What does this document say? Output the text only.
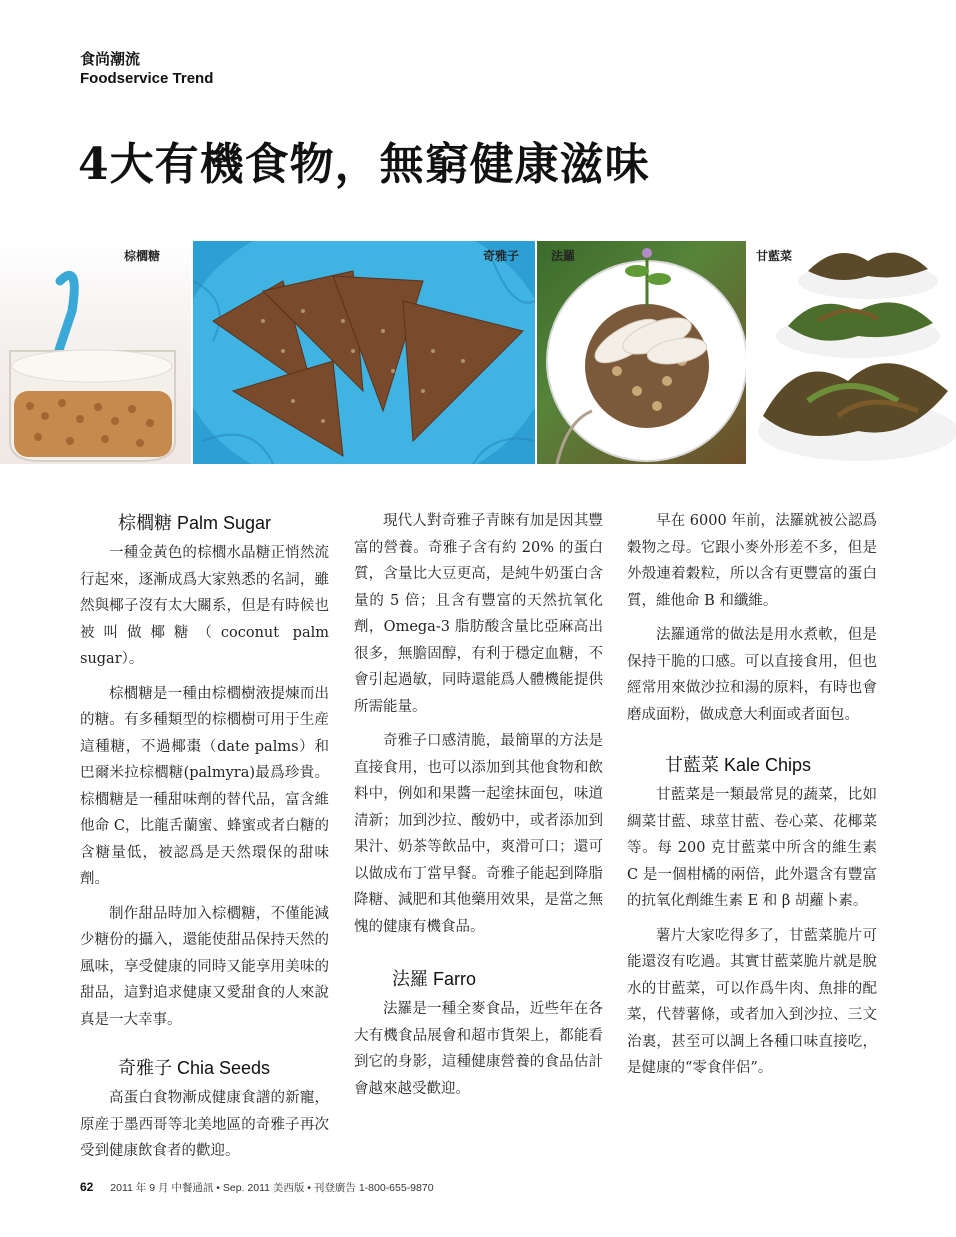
食尚潮流
Foodservice Trend
4大有機食物，無窮健康滋味
棕櫚糖	奇雅子	法羅	甘藍菜
棕櫚糖 Palm Sugar

一種金黃色的棕櫚水晶糖正悄然流行起來，逐漸成爲大家熟悉的名詞，雖然與椰子沒有太大關系，但是有時候也被叫做椰糖（coconut palm sugar）。

棕櫚糖是一種由棕櫚樹液提煉而出的糖。有多種類型的棕櫚樹可用于生産這種糖，不過椰棗（date palms）和巴爾米拉棕櫚糖(palmyra)最爲珍貴。棕櫚糖是一種甜味劑的替代品，富含維他命 C，比龍舌蘭蜜、蜂蜜或者白糖的含糖量低，被認爲是天然環保的甜味劑。

制作甜品時加入棕櫚糖，不僅能減少糖份的攝入，還能使甜品保持天然的風味，享受健康的同時又能享用美味的甜品，這對追求健康又愛甜食的人來說真是一大幸事。

奇雅子 Chia Seeds

高蛋白食物漸成健康食譜的新寵，原産于墨西哥等北美地區的奇雅子再次受到健康飲食者的歡迎。

現代人對奇雅子青睞有加是因其豐富的營養。奇雅子含有約 20% 的蛋白質，含量比大豆更高，是純牛奶蛋白含量的 5 倍；且含有豐富的天然抗氧化劑，Omega-3 脂肪酸含量比亞麻高出很多，無膽固醇，有利于穩定血糖，不會引起過敏，同時還能爲人體機能提供所需能量。

奇雅子口感清脆，最簡單的方法是直接食用，也可以添加到其他食物和飲料中，例如和果醬一起塗抹面包，味道清新；加到沙拉、酸奶中，或者添加到果汁、奶茶等飲品中，爽滑可口；還可以做成布丁當早餐。奇雅子能起到降脂降糖、減肥和其他藥用效果，是當之無愧的健康有機食品。

法羅 Farro

法羅是一種全麥食品，近些年在各大有機食品展會和超市貨架上，都能看到它的身影，這種健康營養的食品估計會越來越受歡迎。

早在 6000 年前，法羅就被公認爲穀物之母。它跟小麥外形差不多，但是外殼連着穀粒，所以含有更豐富的蛋白質，維他命 B 和纖維。

法羅通常的做法是用水煮軟，但是保持干脆的口感。可以直接食用，但也經常用來做沙拉和湯的原料，有時也會磨成面粉，做成意大利面或者面包。

甘藍菜 Kale Chips

甘藍菜是一類最常見的蔬菜，比如綢菜甘藍、球莖甘藍、卷心菜、花椰菜等。每 200 克甘藍菜中所含的維生素 C 是一個柑橘的兩倍，此外還含有豐富的抗氧化劑維生素 E 和 β 胡蘿卜素。

薯片大家吃得多了，甘藍菜脆片可能還沒有吃過。其實甘藍菜脆片就是脫水的甘藍菜，可以作爲牛肉、魚排的配菜，代替薯條，或者加入到沙拉、三文治裏，甚至可以調上各種口味直接吃，是健康的“零食伴侶”。

62 2011 年 9 月 中餐通訊 • Sep. 2011 美西版 • 刊登廣告 1-800-655-9870
